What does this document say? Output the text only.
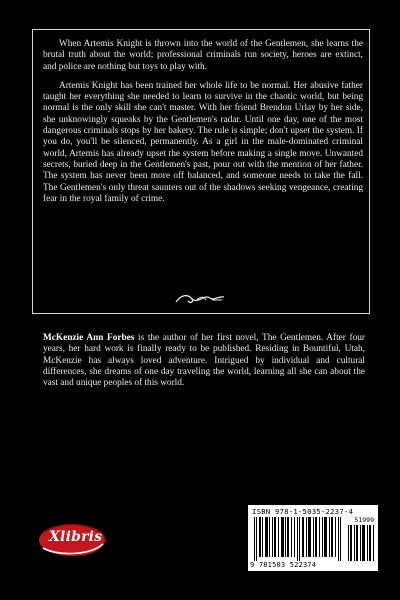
When Artemis Knight is thrown into the world of the Gentlemen, she learns the brutal truth about the world; professional criminals run society, heroes are extinct, and police are nothing but toys to play with.

Artemis Knight has been trained her whole life to be normal. Her abusive father taught her everything she needed to learn to survive in the chaotic world, but being normal is the only skill she can't master. With her friend Brendon Urlay by her side, she unknowingly squeaks by the Gentlemen's radar. Until one day, one of the most dangerous criminals stops by her bakery. The rule is simple; don't upset the system. If you do, you'll be silenced, permanently. As a girl in the male-dominated criminal world, Artemis has already upset the system before making a single move. Unwanted secrets, buried deep in the Gentlemen's past, pour out with the mention of her father. The system has never been more off balanced, and someone needs to take the fall. The Gentlemen's only threat saunters out of the shadows seeking vengeance, creating fear in the royal family of crime.

McKenzie Ann Forbes is the author of her first novel, The Gentlemen. After four years, her hard work is finally ready to be published. Residing in Bountiful, Utah, McKenzie has always loved adventure. Intrigued by individual and cultural differences, she dreams of one day traveling the world, learning all she can about the vast and unique peoples of this world.

Xlibris
ISBN 978-1-5035-2237-4
51999
9 781503 522374
